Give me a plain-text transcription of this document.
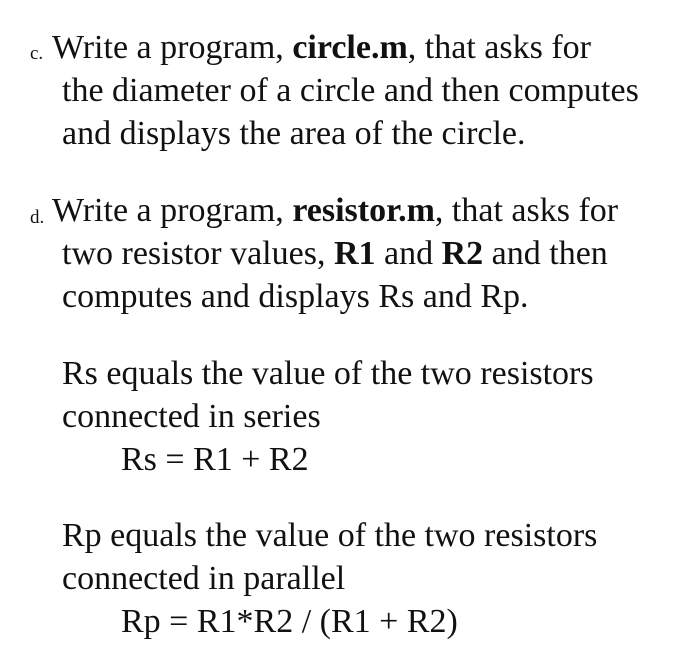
c. Write a program, circle.m, that asks for
the diameter of a circle and then computes
and displays the area of the circle.
d. Write a program, resistor.m, that asks for
two resistor values, R1 and R2 and then
computes and displays Rs and Rp.
Rs equals the value of the two resistors
connected in series
Rs = R1 + R2
Rp equals the value of the two resistors
connected in parallel
Rp = R1*R2 / (R1 + R2)
